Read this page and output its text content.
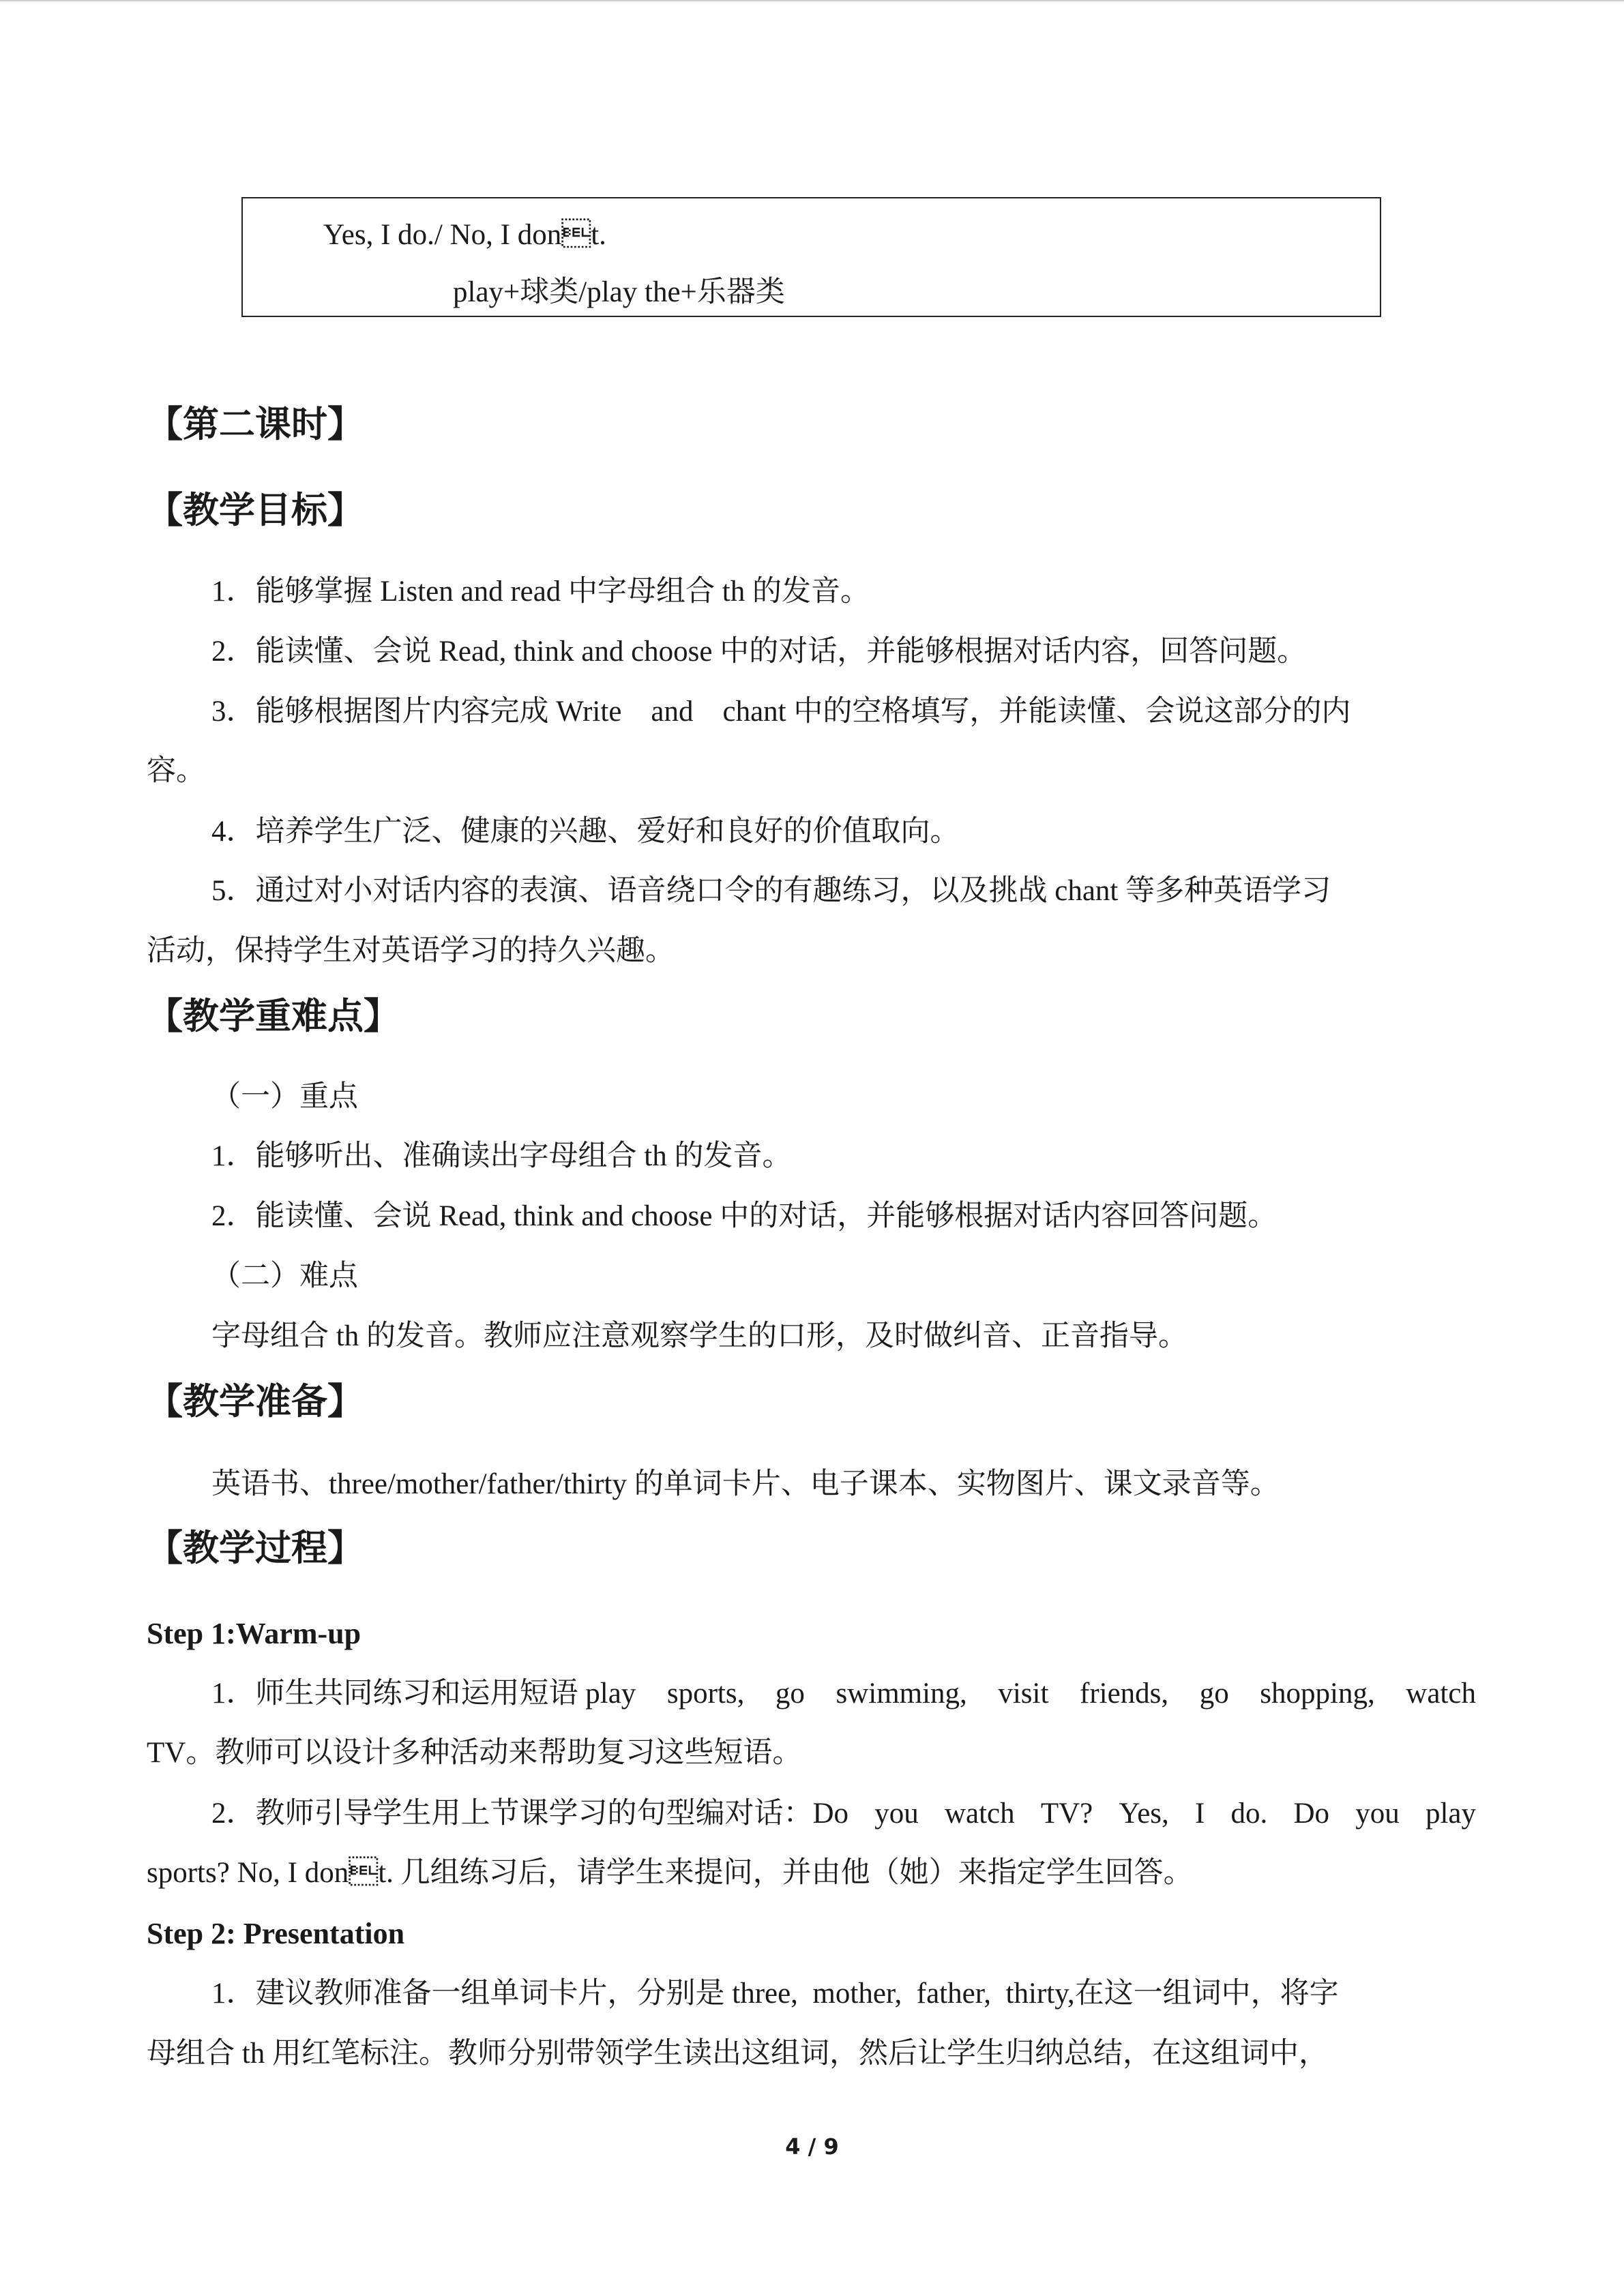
Yes, I do./ No, I dont.
play+球类/play the+乐器类
【第二课时】
【教学目标】
1．能够掌握 Listen and read 中字母组合 th 的发音。
2．能读懂、会说 Read, think and choose 中的对话，并能够根据对话内容，回答问题。
3．能够根据图片内容完成 Write    and    chant 中的空格填写，并能读懂、会说这部分的内
容。
4．培养学生广泛、健康的兴趣、爱好和良好的价值取向。
5．通过对小对话内容的表演、语音绕口令的有趣练习，以及挑战 chant 等多种英语学习
活动，保持学生对英语学习的持久兴趣。
【教学重难点】
（一）重点
1．能够听出、准确读出字母组合 th 的发音。
2．能读懂、会说 Read, think and choose 中的对话，并能够根据对话内容回答问题。
（二）难点
字母组合 th 的发音。教师应注意观察学生的口形，及时做纠音、正音指导。
【教学准备】
英语书、three/mother/father/thirty 的单词卡片、电子课本、实物图片、课文录音等。
【教学过程】
Step 1:Warm-up
1．师生共同练习和运用短语 play sports, go swimming, visit friends, go shopping, watch
TV。教师可以设计多种活动来帮助复习这些短语。
2．教师引导学生用上节课学习的句型编对话：Do you watch TV? Yes, I do. Do you play
sports? No, I dont. 几组练习后，请学生来提问，并由他（她）来指定学生回答。
Step 2: Presentation
1．建议教师准备一组单词卡片，分别是 three,  mother,  father,  thirty,在这一组词中，将字
母组合 th 用红笔标注。教师分别带领学生读出这组词，然后让学生归纳总结，在这组词中，
4 / 9
